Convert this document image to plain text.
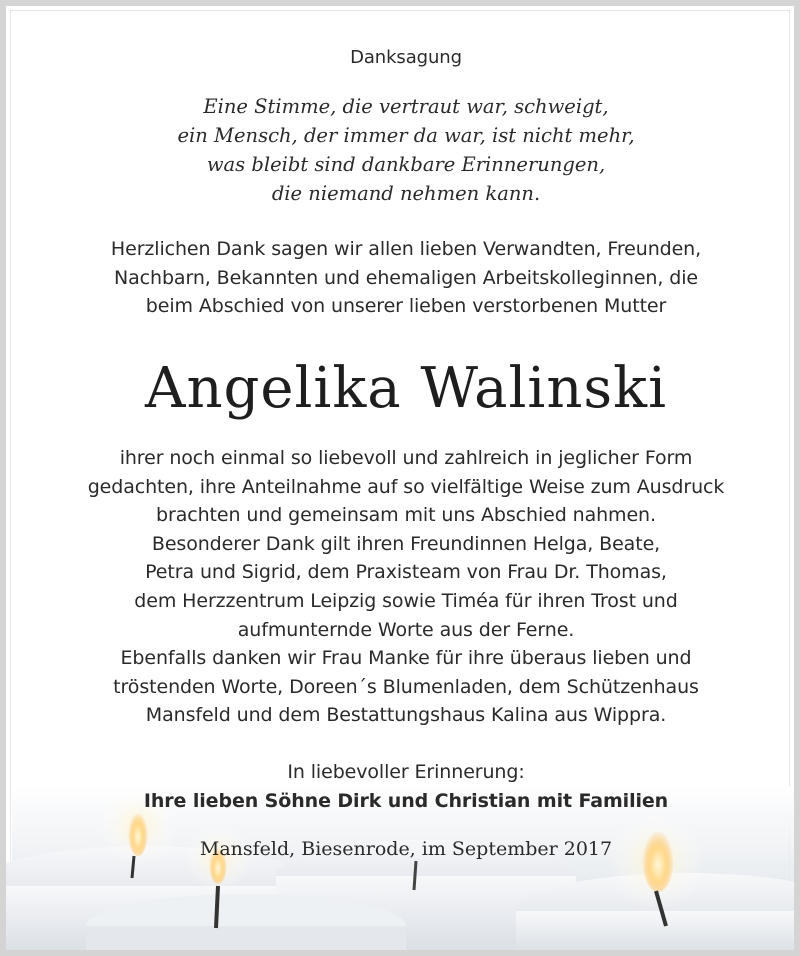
Danksagung
Eine Stimme, die vertraut war, schweigt,
ein Mensch, der immer da war, ist nicht mehr,
was bleibt sind dankbare Erinnerungen,
die niemand nehmen kann.
Herzlichen Dank sagen wir allen lieben Verwandten, Freunden,
Nachbarn, Bekannten und ehemaligen Arbeitskolleginnen, die
beim Abschied von unserer lieben verstorbenen Mutter
Angelika Walinski
ihrer noch einmal so liebevoll und zahlreich in jeglicher Form
gedachten, ihre Anteilnahme auf so vielfältige Weise zum Ausdruck
brachten und gemeinsam mit uns Abschied nahmen.
Besonderer Dank gilt ihren Freundinnen Helga, Beate,
Petra und Sigrid, dem Praxisteam von Frau Dr. Thomas,
dem Herzzentrum Leipzig sowie Timéa für ihren Trost und
aufmunternde Worte aus der Ferne.
Ebenfalls danken wir Frau Manke für ihre überaus lieben und
tröstenden Worte, Doreen´s Blumenladen, dem Schützenhaus
Mansfeld und dem Bestattungshaus Kalina aus Wippra.
In liebevoller Erinnerung:
Ihre lieben Söhne Dirk und Christian mit Familien
Mansfeld, Biesenrode, im September 2017
